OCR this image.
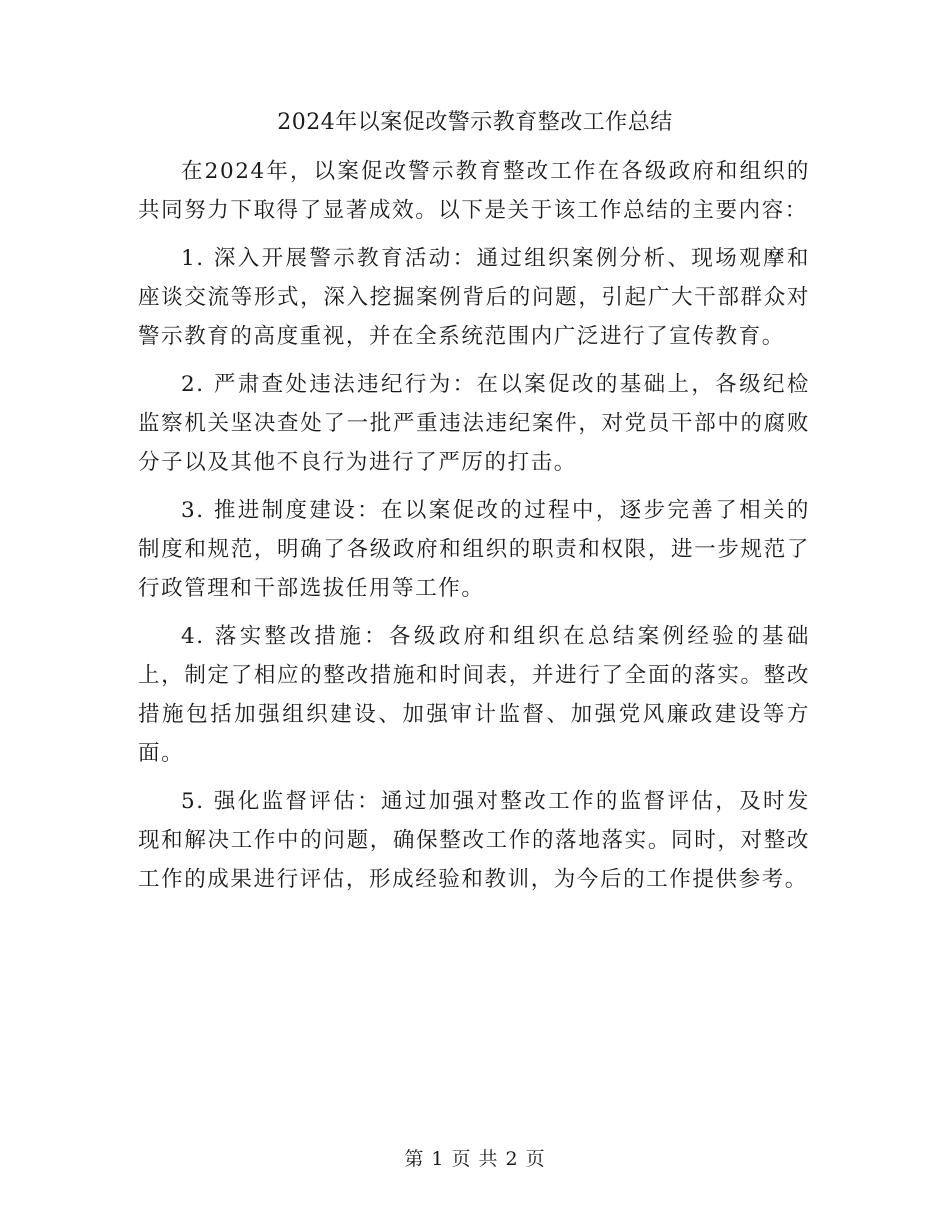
2024年以案促改警示教育整改工作总结

在2024年，以案促改警示教育整改工作在各级政府和组织的共同努力下取得了显著成效。以下是关于该工作总结的主要内容：

1. 深入开展警示教育活动：通过组织案例分析、现场观摩和座谈交流等形式，深入挖掘案例背后的问题，引起广大干部群众对警示教育的高度重视，并在全系统范围内广泛进行了宣传教育。

2. 严肃查处违法违纪行为：在以案促改的基础上，各级纪检监察机关坚决查处了一批严重违法违纪案件，对党员干部中的腐败分子以及其他不良行为进行了严厉的打击。

3. 推进制度建设：在以案促改的过程中，逐步完善了相关的制度和规范，明确了各级政府和组织的职责和权限，进一步规范了行政管理和干部选拔任用等工作。

4. 落实整改措施：各级政府和组织在总结案例经验的基础上，制定了相应的整改措施和时间表，并进行了全面的落实。整改措施包括加强组织建设、加强审计监督、加强党风廉政建设等方面。

5. 强化监督评估：通过加强对整改工作的监督评估，及时发现和解决工作中的问题，确保整改工作的落地落实。同时，对整改工作的成果进行评估，形成经验和教训，为今后的工作提供参考。

第 1 页 共 2 页
